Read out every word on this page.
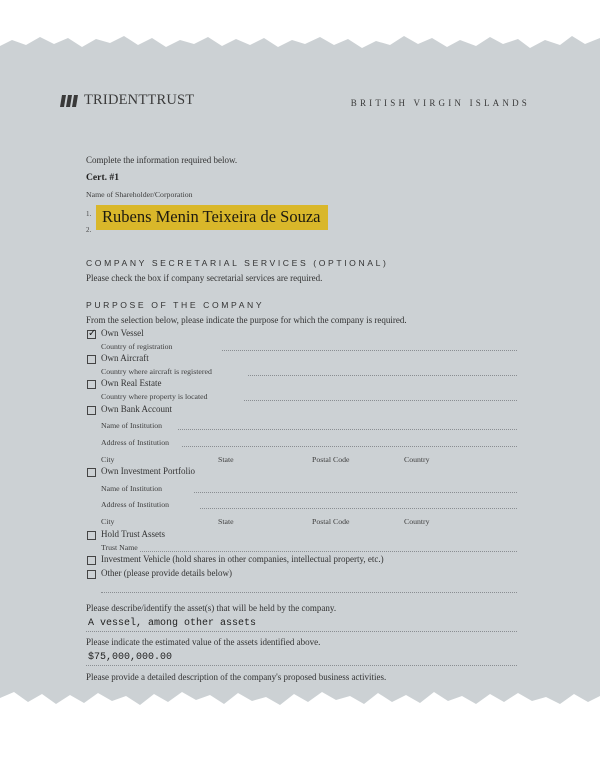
TRIDENTTRUST	BRITISH VIRGIN ISLANDS
Complete the information required below.
Cert. #1
Name of Shareholder/Corporation
1.
2.
Rubens Menin Teixeira de Souza
COMPANY SECRETARIAL SERVICES (OPTIONAL)
Please check the box if company secretarial services are required.
PURPOSE OF THE COMPANY
From the selection below, please indicate the purpose for which the company is required.
✓ Own Vessel
Country of registration
Own Aircraft
Country where aircraft is registered
Own Real Estate
Country where property is located
Own Bank Account
Name of Institution
Address of Institution
City	State	Postal Code	Country
Own Investment Portfolio
Name of Institution
Address of Institution
City	State	Postal Code	Country
Hold Trust Assets
Trust Name
Investment Vehicle (hold shares in other companies, intellectual property, etc.)
Other (please provide details below)
Please describe/identify the asset(s) that will be held by the company.
A vessel, among other assets
Please indicate the estimated value of the assets identified above.
$75,000,000.00
Please provide a detailed description of the company's proposed business activities.
